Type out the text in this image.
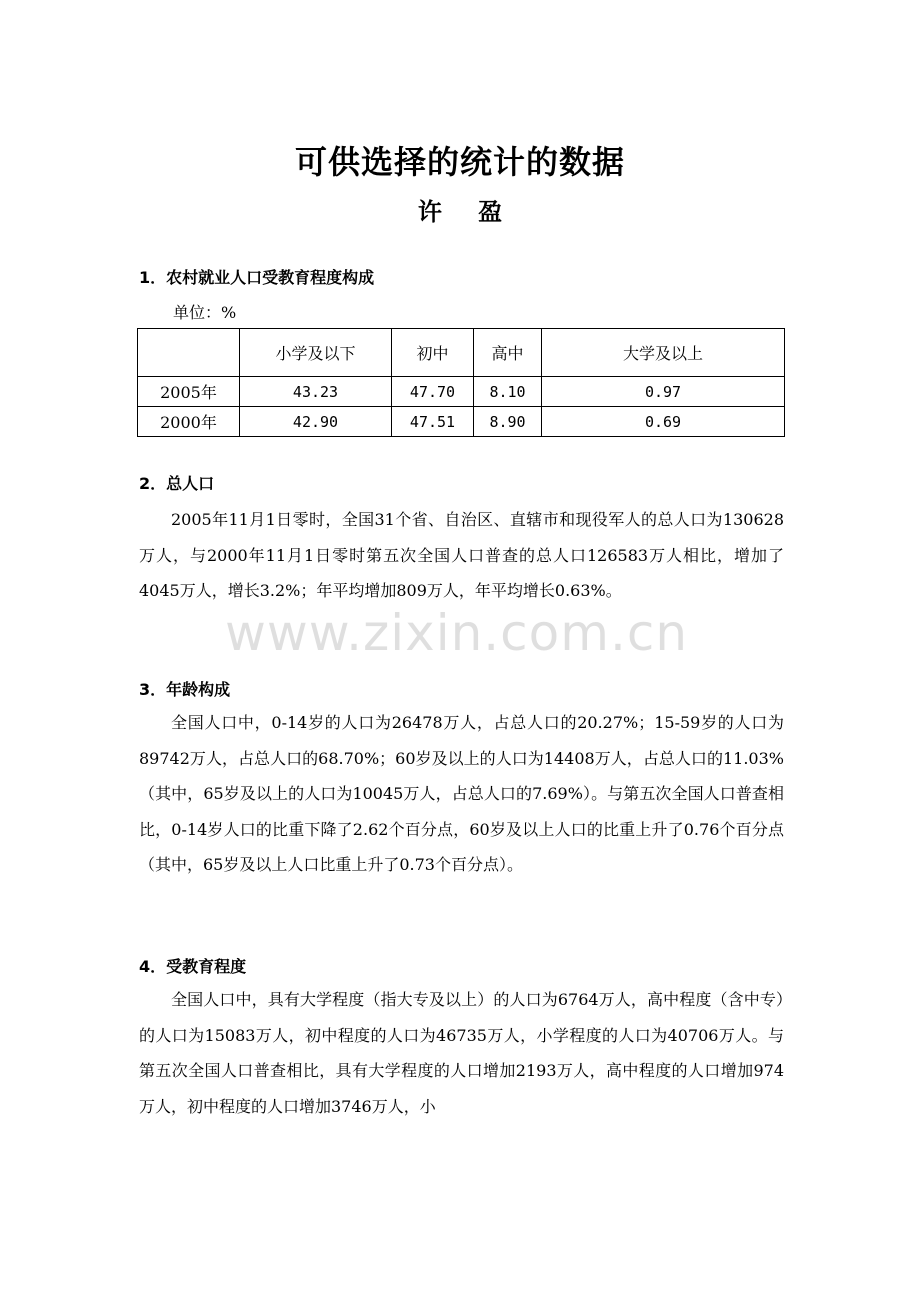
可供选择的统计的数据
许 盈
www.zixin.com.cn
1．农村就业人口受教育程度构成
单位：%
	小学及以下	初中	高中	大学及以上
2005年	43.23	47.70	8.10	0.97
2000年	42.90	47.51	8.90	0.69
2．总人口

2005年11月1日零时，全国31个省、自治区、直辖市和现役军人的总人口为130628万人，与2000年11月1日零时第五次全国人口普查的总人口126583万人相比，增加了4045万人，增长3.2%；年平均增加809万人，年平均增长0.63%。

3．年龄构成

全国人口中，0-14岁的人口为26478万人，占总人口的20.27%；15-59岁的人口为89742万人，占总人口的68.70%；60岁及以上的人口为14408万人，占总人口的11.03%（其中，65岁及以上的人口为10045万人，占总人口的7.69%）。与第五次全国人口普查相比，0-14岁人口的比重下降了2.62个百分点，60岁及以上人口的比重上升了0.76个百分点（其中，65岁及以上人口比重上升了0.73个百分点）。

4．受教育程度

全国人口中，具有大学程度（指大专及以上）的人口为6764万人，高中程度（含中专）的人口为15083万人，初中程度的人口为46735万人，小学程度的人口为40706万人。与第五次全国人口普查相比，具有大学程度的人口增加2193万人，高中程度的人口增加974万人，初中程度的人口增加3746万人，小
